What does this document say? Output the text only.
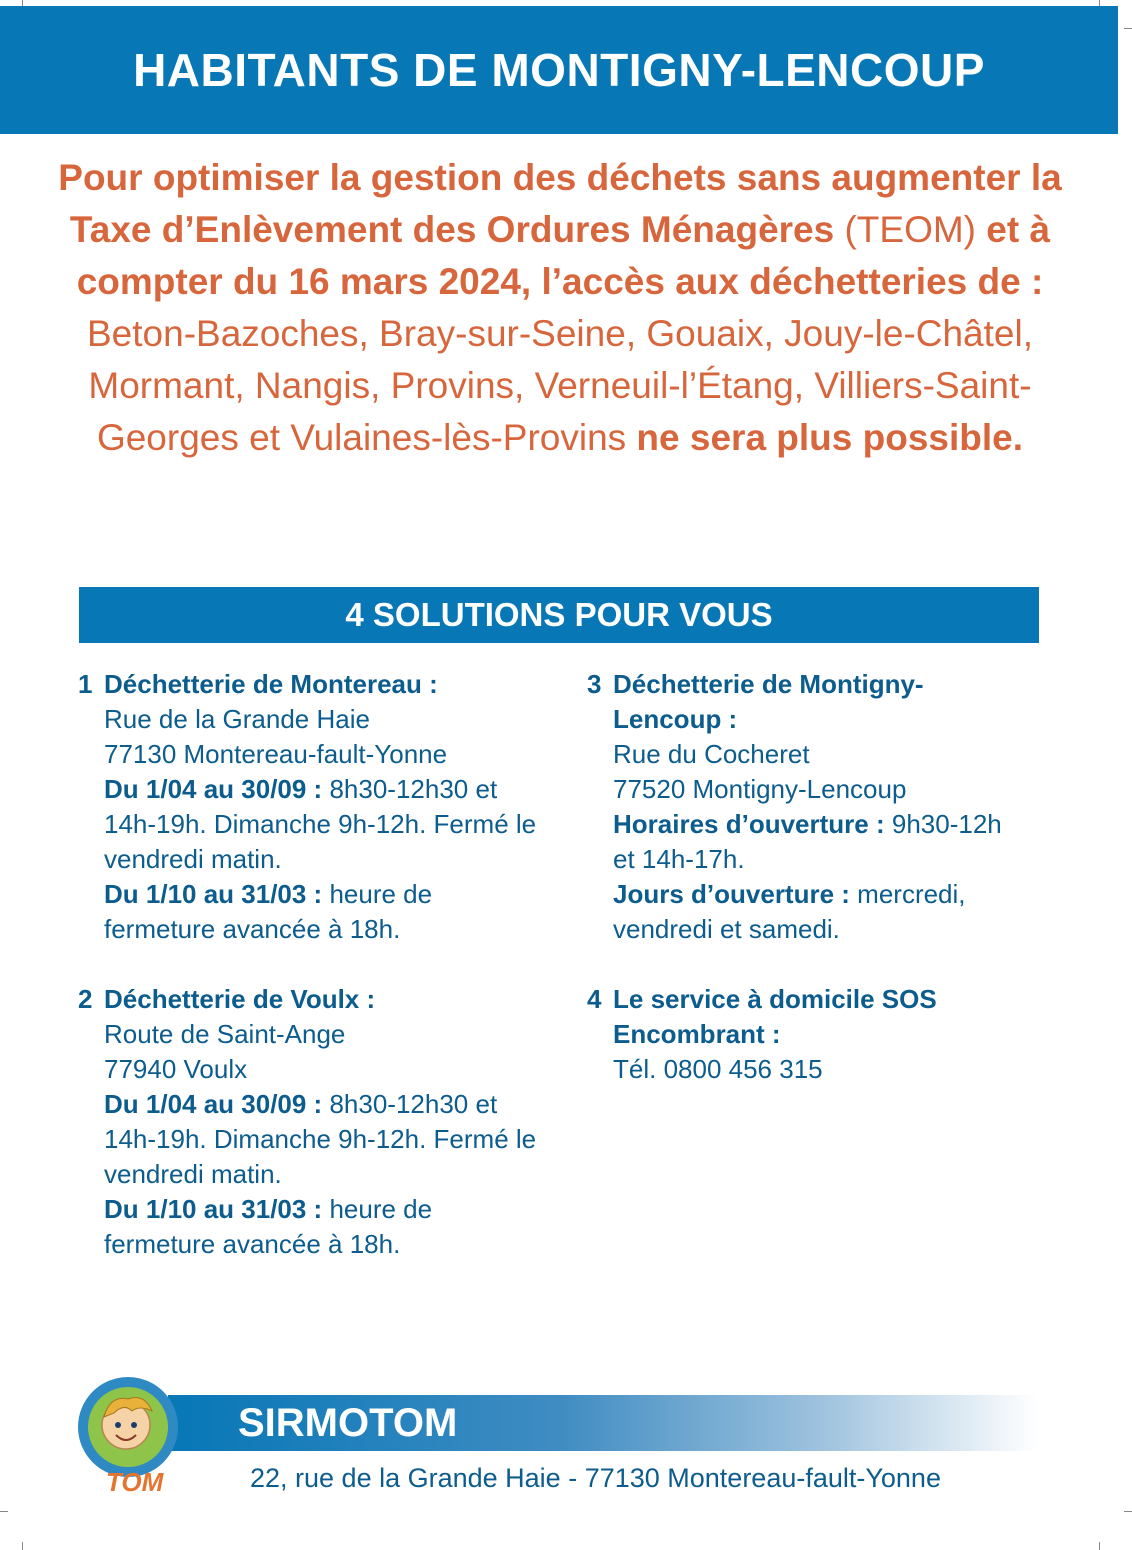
HABITANTS DE MONTIGNY-LENCOUP
Pour optimiser la gestion des déchets sans augmenter la Taxe d’Enlèvement des Ordures Ménagères (TEOM) et à compter du 16 mars 2024, l’accès aux déchetteries de : Beton-Bazoches, Bray-sur-Seine, Gouaix, Jouy-le-Châtel, Mormant, Nangis, Provins, Verneuil-l’Étang, Villiers-Saint-Georges et Vulaines-lès-Provins ne sera plus possible.
4 SOLUTIONS POUR VOUS
1 Déchetterie de Montereau :
Rue de la Grande Haie
77130 Montereau-fault-Yonne
Du 1/04 au 30/09 : 8h30-12h30 et 14h-19h. Dimanche 9h-12h. Fermé le vendredi matin.
Du 1/10 au 31/03 : heure de fermeture avancée à 18h.
2 Déchetterie de Voulx :
Route de Saint-Ange
77940 Voulx
Du 1/04 au 30/09 : 8h30-12h30 et 14h-19h. Dimanche 9h-12h. Fermé le vendredi matin.
Du 1/10 au 31/03 : heure de fermeture avancée à 18h.
3 Déchetterie de Montigny-Lencoup :
Rue du Cocheret
77520 Montigny-Lencoup
Horaires d’ouverture : 9h30-12h et 14h-17h.
Jours d’ouverture : mercredi, vendredi et samedi.
4 Le service à domicile SOS Encombrant :
Tél. 0800 456 315
SIRMOTOM
22, rue de la Grande Haie - 77130 Montereau-fault-Yonne
TOM
